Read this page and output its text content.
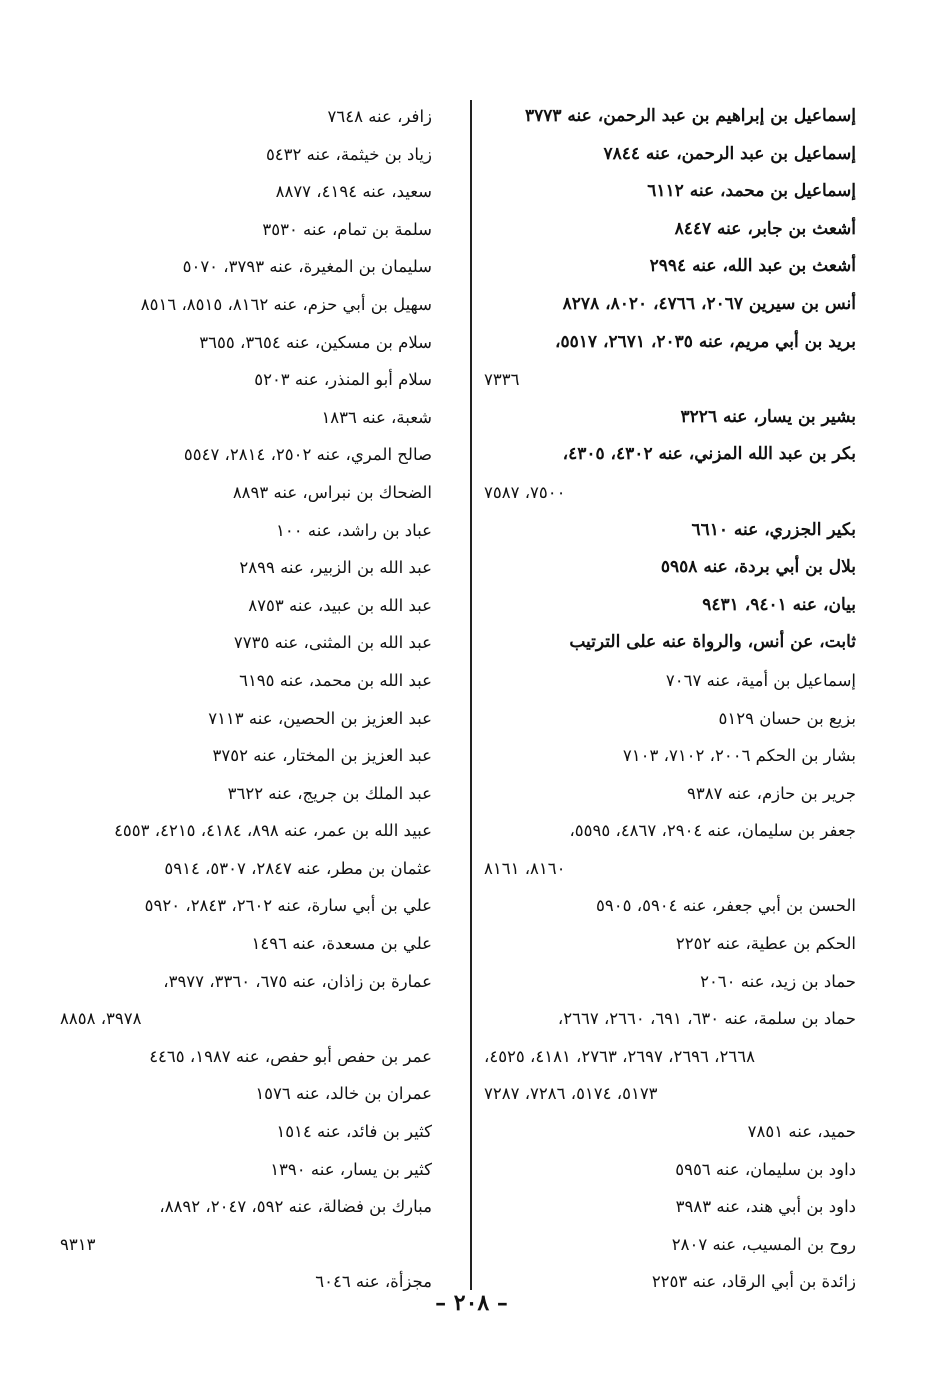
إسماعيل بن إبراهيم بن عبد الرحمن، عنه ٣٧٧٣
إسماعيل بن عبد الرحمن، عنه ٧٨٤٤
إسماعيل بن محمد، عنه ٦١١٢
أشعث بن جابر، عنه ٨٤٤٧
أشعث بن عبد الله، عنه ٢٩٩٤
أنس بن سيرين ٢٠٦٧، ٤٧٦٦، ٨٠٢٠، ٨٢٧٨
بريد بن أبي مريم، عنه ٢٠٣٥، ٢٦٧١، ٥٥١٧،
٧٣٣٦
بشير بن يسار، عنه ٣٢٢٦
بكر بن عبد الله المزني، عنه ٤٣٠٢، ٤٣٠٥،
٧٥٠٠، ٧٥٨٧
بكير الجزري، عنه ٦٦١٠
بلال بن أبي بردة، عنه ٥٩٥٨
بيان، عنه ٩٤٠١، ٩٤٣١
ثابت، عن أنس، والرواة عنه على الترتيب
إسماعيل بن أمية، عنه ٧٠٦٧
بزيع بن حسان ٥١٢٩
بشار بن الحكم ٢٠٠٦، ٧١٠٢، ٧١٠٣
جرير بن حازم، عنه ٩٣٨٧
جعفر بن سليمان، عنه ٢٩٠٤، ٤٨٦٧، ٥٥٩٥،
٨١٦٠، ٨١٦١
الحسن بن أبي جعفر، عنه ٥٩٠٤، ٥٩٠٥
الحكم بن عطية، عنه ٢٢٥٢
حماد بن زيد، عنه ٢٠٦٠
حماد بن سلمة، عنه ٦٣٠، ٦٩١، ٢٦٦٠، ٢٦٦٧،
٢٦٦٨، ٢٦٩٦، ٢٦٩٧، ٢٧٦٣، ٤١٨١، ٤٥٢٥،
٥١٧٣، ٥١٧٤، ٧٢٨٦، ٧٢٨٧
حميد، عنه ٧٨٥١
داود بن سليمان، عنه ٥٩٥٦
داود بن أبي هند، عنه ٣٩٨٣
روح بن المسيب، عنه ٢٨٠٧
زائدة بن أبي الرقاد، عنه ٢٢٥٣
زافر، عنه ٧٦٤٨
زياد بن خيثمة، عنه ٥٤٣٢
سعيد، عنه ٤١٩٤، ٨٨٧٧
سلمة بن تمام، عنه ٣٥٣٠
سليمان بن المغيرة، عنه ٣٧٩٣، ٥٠٧٠
سهيل بن أبي حزم، عنه ٨١٦٢، ٨٥١٥، ٨٥١٦
سلام بن مسكين، عنه ٣٦٥٤، ٣٦٥٥
سلام أبو المنذر، عنه ٥٢٠٣
شعبة، عنه ١٨٣٦
صالح المري، عنه ٢٥٠٢، ٢٨١٤، ٥٥٤٧
الضحاك بن نبراس، عنه ٨٨٩٣
عباد بن راشد، عنه ١٠٠
عبد الله بن الزبير، عنه ٢٨٩٩
عبد الله بن عبيد، عنه ٨٧٥٣
عبد الله بن المثنى، عنه ٧٧٣٥
عبد الله بن محمد، عنه ٦١٩٥
عبد العزيز بن الحصين، عنه ٧١١٣
عبد العزيز بن المختار، عنه ٣٧٥٢
عبد الملك بن جريج، عنه ٣٦٢٢
عبيد الله بن عمر، عنه ٨٩٨، ٤١٨٤، ٤٢١٥، ٤٥٥٣
عثمان بن مطر، عنه ٢٨٤٧، ٥٣٠٧، ٥٩١٤
علي بن أبي سارة، عنه ٢٦٠٢، ٢٨٤٣، ٥٩٢٠
علي بن مسعدة، عنه ١٤٩٦
عمارة بن زاذان، عنه ٦٧٥، ٣٣٦٠، ٣٩٧٧،
٣٩٧٨، ٨٨٥٨
عمر بن حفص أبو حفص، عنه ١٩٨٧، ٤٤٦٥
عمران بن خالد، عنه ١٥٧٦
كثير بن فائد، عنه ١٥١٤
كثير بن يسار، عنه ١٣٩٠
مبارك بن فضالة، عنه ٥٩٢، ٢٠٤٧، ٨٨٩٢،
٩٣١٣
مجزأة، عنه ٦٠٤٦
– ٢٠٨ –
